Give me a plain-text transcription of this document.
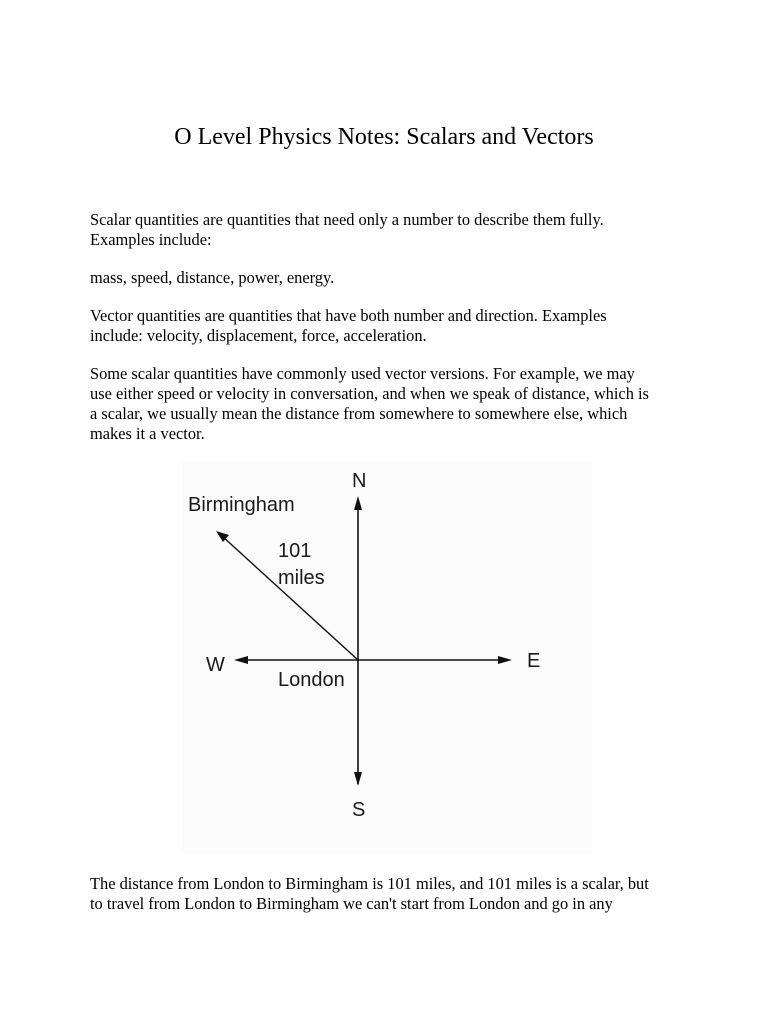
O Level Physics Notes: Scalars and Vectors

Scalar quantities are quantities that need only a number to describe them fully. Examples include:

mass, speed, distance, power, energy.

Vector quantities are quantities that have both number and direction. Examples include: velocity, displacement, force, acceleration.

Some scalar quantities have commonly used vector versions. For example, we may use either speed or velocity in conversation, and when we speak of distance, which is a scalar, we usually mean the distance from somewhere to somewhere else, which makes it a vector.

N
S
E
W
London
Birmingham
101
miles

The distance from London to Birmingham is 101 miles, and 101 miles is a scalar, but to travel from London to Birmingham we can't start from London and go in any
